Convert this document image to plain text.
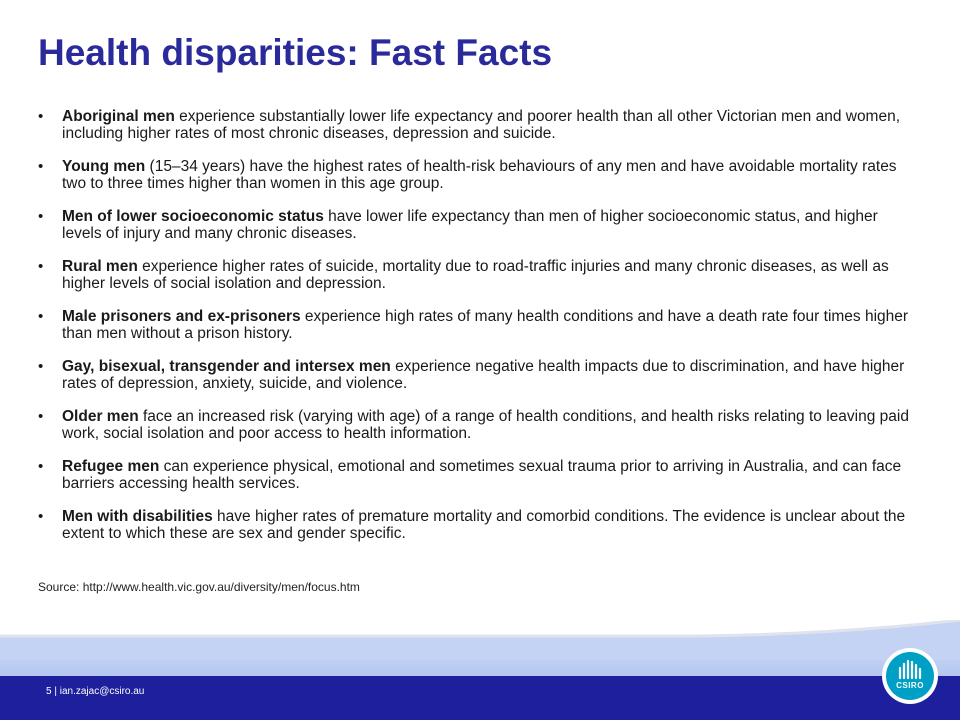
Health disparities: Fast Facts
• Aboriginal men experience substantially lower life expectancy and poorer health than all other Victorian men and women, including higher rates of most chronic diseases, depression and suicide.
• Young men (15–34 years) have the highest rates of health-risk behaviours of any men and have avoidable mortality rates two to three times higher than women in this age group.
• Men of lower socioeconomic status have lower life expectancy than men of higher socioeconomic status, and higher levels of injury and many chronic diseases.
• Rural men experience higher rates of suicide, mortality due to road-traffic injuries and many chronic diseases, as well as higher levels of social isolation and depression.
• Male prisoners and ex-prisoners experience high rates of many health conditions and have a death rate four times higher than men without a prison history.
• Gay, bisexual, transgender and intersex men experience negative health impacts due to discrimination, and have higher rates of depression, anxiety, suicide, and violence.
• Older men face an increased risk (varying with age) of a range of health conditions, and health risks relating to leaving paid work, social isolation and poor access to health information.
• Refugee men can experience physical, emotional and sometimes sexual trauma prior to arriving in Australia, and can face barriers accessing health services.
• Men with disabilities have higher rates of premature mortality and comorbid conditions. The evidence is unclear about the extent to which these are sex and gender specific.

Source: http://www.health.vic.gov.au/diversity/men/focus.htm

5 | ian.zajac@csiro.au
CSIRO
